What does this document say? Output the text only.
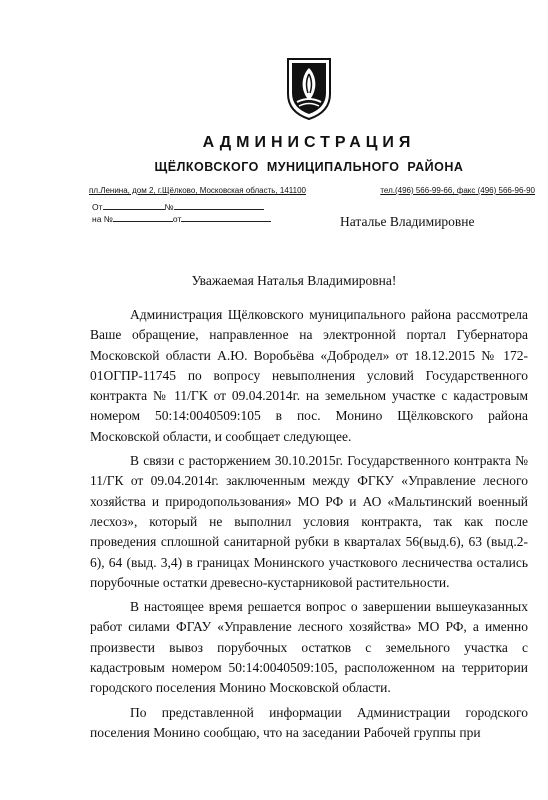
АДМИНИСТРАЦИЯ
ЩЁЛКОВСКОГО МУНИЦИПАЛЬНОГО РАЙОНА
пл.Ленина, дом 2, г.Щёлково, Московская область, 141100	тел.(496) 566-99-66, факс (496) 566-96-90
От	№
на №	от	Наталье Владимировне
Уважаемая Наталья Владимировна!

Администрация Щёлковского муниципального района рассмотрела Ваше обращение, направленное на электронной портал Губернатора Московской области А.Ю. Воробьёва «Добродел» от 18.12.2015 № 172-01ОГПР-11745 по вопросу невыполнения условий Государственного контракта № 11/ГК от 09.04.2014г. на земельном участке с кадастровым номером 50:14:0040509:105 в пос. Монино Щёлковского района Московской области, и сообщает следующее.

В связи с расторжением 30.10.2015г. Государственного контракта № 11/ГК от 09.04.2014г. заключенным между ФГКУ «Управление лесного хозяйства и природопользования» МО РФ и АО «Мальтинский военный лесхоз», который не выполнил условия контракта, так как после проведения сплошной санитарной рубки в кварталах 56(выд.6), 63 (выд.2-6), 64 (выд. 3,4) в границах Монинского участкового лесничества остались порубочные остатки древесно-кустарниковой растительности.

В настоящее время решается вопрос о завершении вышеуказанных работ силами ФГАУ «Управление лесного хозяйства» МО РФ, а именно произвести вывоз порубочных остатков с земельного участка с кадастровым номером 50:14:0040509:105, расположенном на территории городского поселения Монино Московской области.

По представленной информации Администрации городского поселения Монино сообщаю, что на заседании Рабочей группы при
